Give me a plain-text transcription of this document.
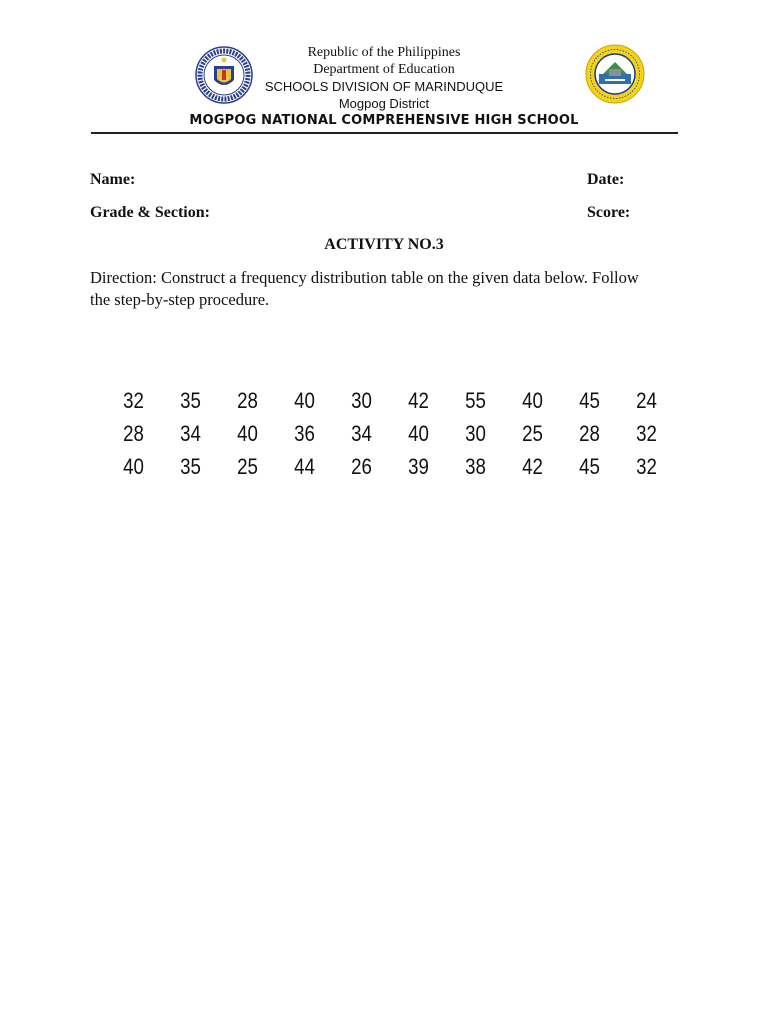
Republic of the Philippines
Department of Education
SCHOOLS DIVISION OF MARINDUQUE
Mogpog District
MOGPOG NATIONAL COMPREHENSIVE HIGH SCHOOL
Name:	Date:
Grade & Section:	Score:
ACTIVITY NO.3
Direction: Construct a frequency distribution table on the given data below. Follow
the step-by-step procedure.
32	35	28	40	30	42	55	40	45	24
28	34	40	36	34	40	30	25	28	32
40	35	25	44	26	39	38	42	45	32
